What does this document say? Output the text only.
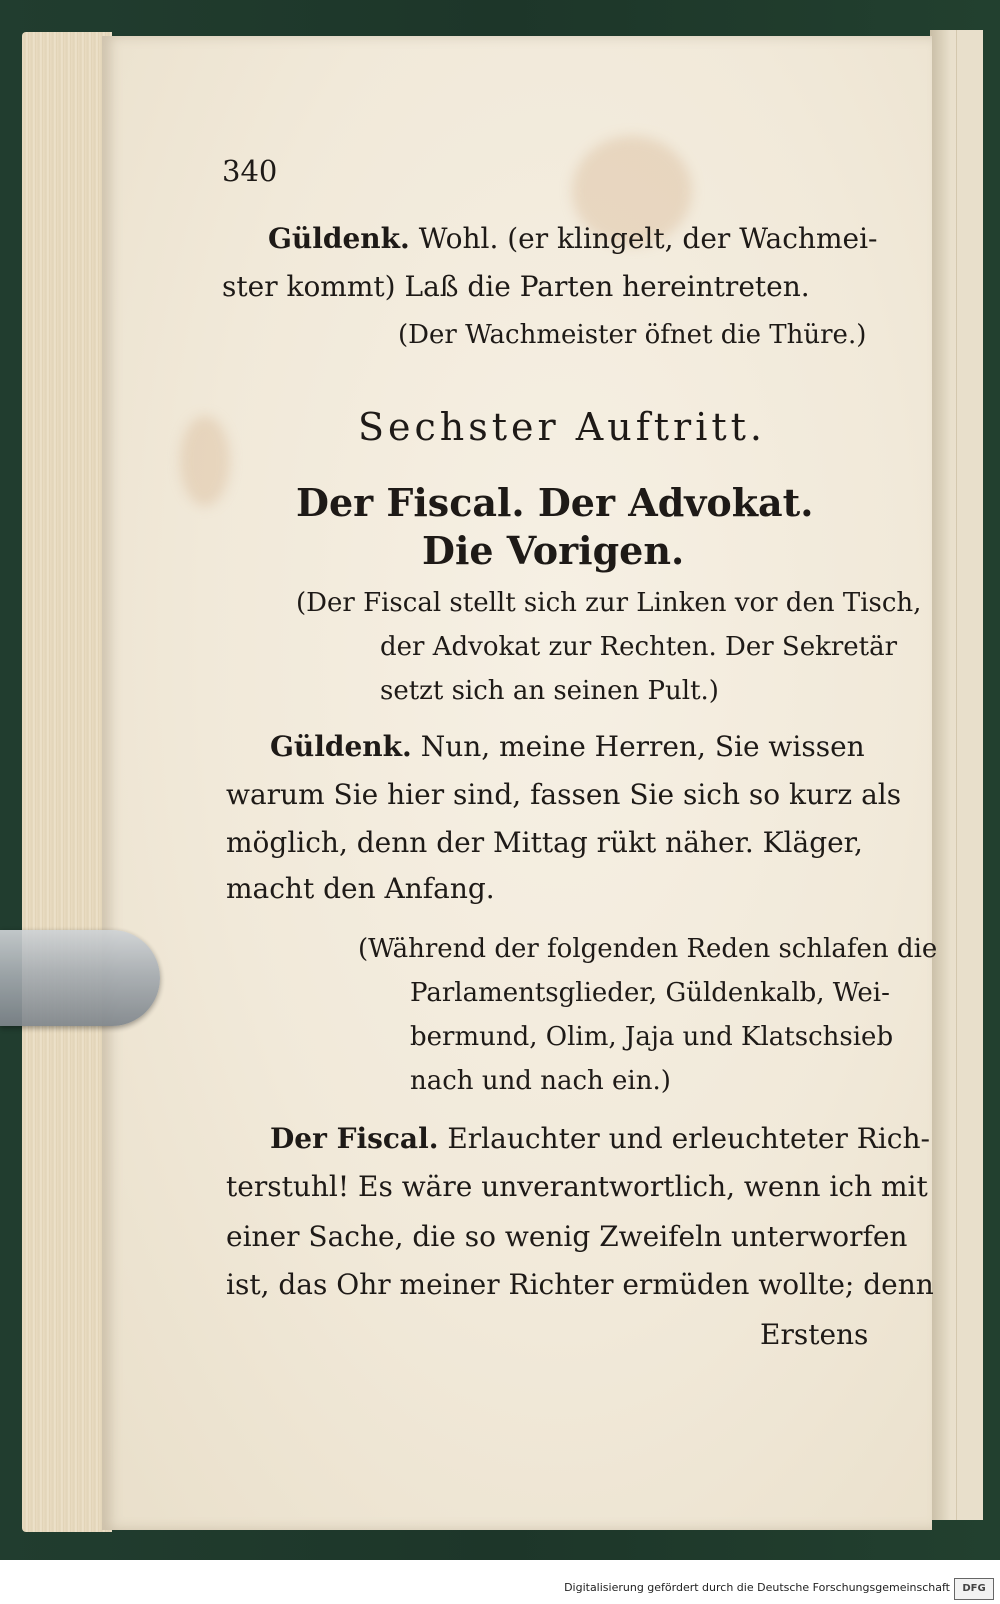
340
Güldenk. Wohl. (er klingelt, der Wachmei-
ster kommt) Laß die Parten hereintreten.
(Der Wachmeister öfnet die Thüre.)
Sechster Auftritt.
Der Fiscal. Der Advokat.
Die Vorigen.
(Der Fiscal stellt sich zur Linken vor den Tisch,
der Advokat zur Rechten. Der Sekretär
setzt sich an seinen Pult.)
Güldenk. Nun, meine Herren, Sie wissen
warum Sie hier sind, fassen Sie sich so kurz als
möglich, denn der Mittag rükt näher. Kläger,
macht den Anfang.
(Während der folgenden Reden schlafen die
Parlamentsglieder, Güldenkalb, Wei-
bermund, Olim, Jaja und Klatschsieb
nach und nach ein.)
Der Fiscal. Erlauchter und erleuchteter Rich-
terstuhl! Es wäre unverantwortlich, wenn ich mit
einer Sache, die so wenig Zweifeln unterworfen
ist, das Ohr meiner Richter ermüden wollte; denn
Erstens
Digitalisierung gefördert durch die Deutsche Forschungsgemeinschaft	DFG
